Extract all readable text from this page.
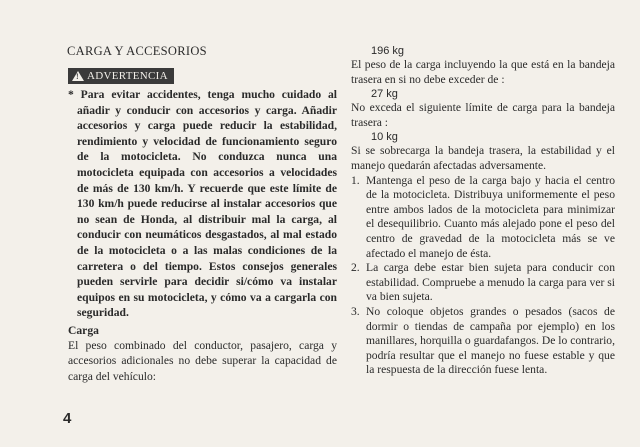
CARGA Y ACCESORIOS
!
ADVERTENCIA

* Para evitar accidentes, tenga mucho cuidado al añadir y conducir con accesorios y carga. Añadir accesorios y carga puede reducir la estabilidad, rendimiento y velocidad de funcionamiento seguro de la motocicleta. No conduzca nunca una motocicleta equipada con accesorios a velocidades de más de 130 km/h. Y recuerde que este límite de 130 km/h puede reducirse al instalar accesorios que no sean de Honda, al distribuir mal la carga, al conducir con neumáticos desgastados, al mal estado de la motocicleta o a las malas condiciones de la carretera o del tiempo. Estos consejos generales pueden servirle para decidir si/cómo va instalar equipos en su motocicleta, y cómo va a cargarla con seguridad.

Carga

El peso combinado del conductor, pasajero, carga y accesorios adicionales no debe superar la capacidad de carga del vehículo:

4
196 kg

El peso de la carga incluyendo la que está en la bandeja trasera en si no debe exceder de :

27 kg

No exceda el siguiente límite de carga para la bandeja trasera :

10 kg

Si se sobrecarga la bandeja trasera, la estabilidad y el manejo quedarán afectadas adversamente.

1. Mantenga el peso de la carga bajo y hacia el centro de la motocicleta. Distribuya uniformemente el peso entre ambos lados de la motocicleta para minimizar el desequilibrio. Cuanto más alejado pone el peso del centro de gravedad de la motocicleta más se ve afectado el manejo de ésta.
2. La carga debe estar bien sujeta para conducir con estabilidad. Compruebe a menudo la carga para ver si va bien sujeta.
3. No coloque objetos grandes o pesados (sacos de dormir o tiendas de campaña por ejemplo) en los manillares, horquilla o guardafangos. De lo contrario, podría resultar que el manejo no fuese estable y que la respuesta de la dirección fuese lenta.
